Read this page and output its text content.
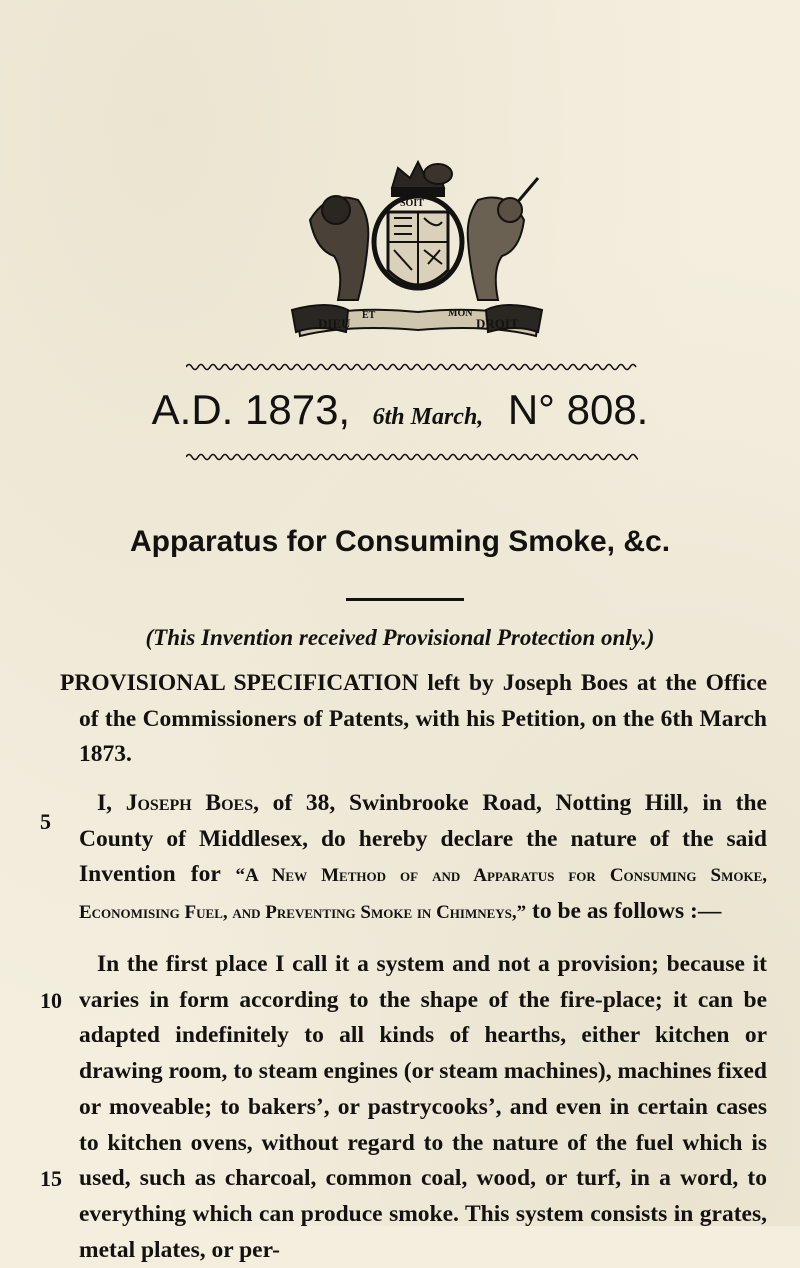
SOIT
DIEU
ET	MON
DROIT
A.D. 1873, 6th March, N° 808.
Apparatus for Consuming Smoke, &c.
(This Invention received Provisional Protection only.)
PROVISIONAL SPECIFICATION left by Joseph Boes at the Office of the Commissioners of Patents, with his Petition, on the 6th March 1873.
I, Joseph Boes, of 38, Swinbrooke Road, Notting Hill, in the County of Middlesex, do hereby declare the nature of the said Invention for “A New Method of and Apparatus for Consuming Smoke, Economising Fuel, and Preventing Smoke in Chimneys,” to be as follows :—
In the first place I call it a system and not a provision; because it varies in form according to the shape of the fire-place; it can be adapted indefinitely to all kinds of hearths, either kitchen or drawing room, to steam engines (or steam machines), machines fixed or moveable; to bakers’, or pastrycooks’, and even in certain cases to kitchen ovens, without regard to the nature of the fuel which is used, such as charcoal, common coal, wood, or turf, in a word, to everything which can produce smoke. This system consists in grates, metal plates, or per-
5
10
15
